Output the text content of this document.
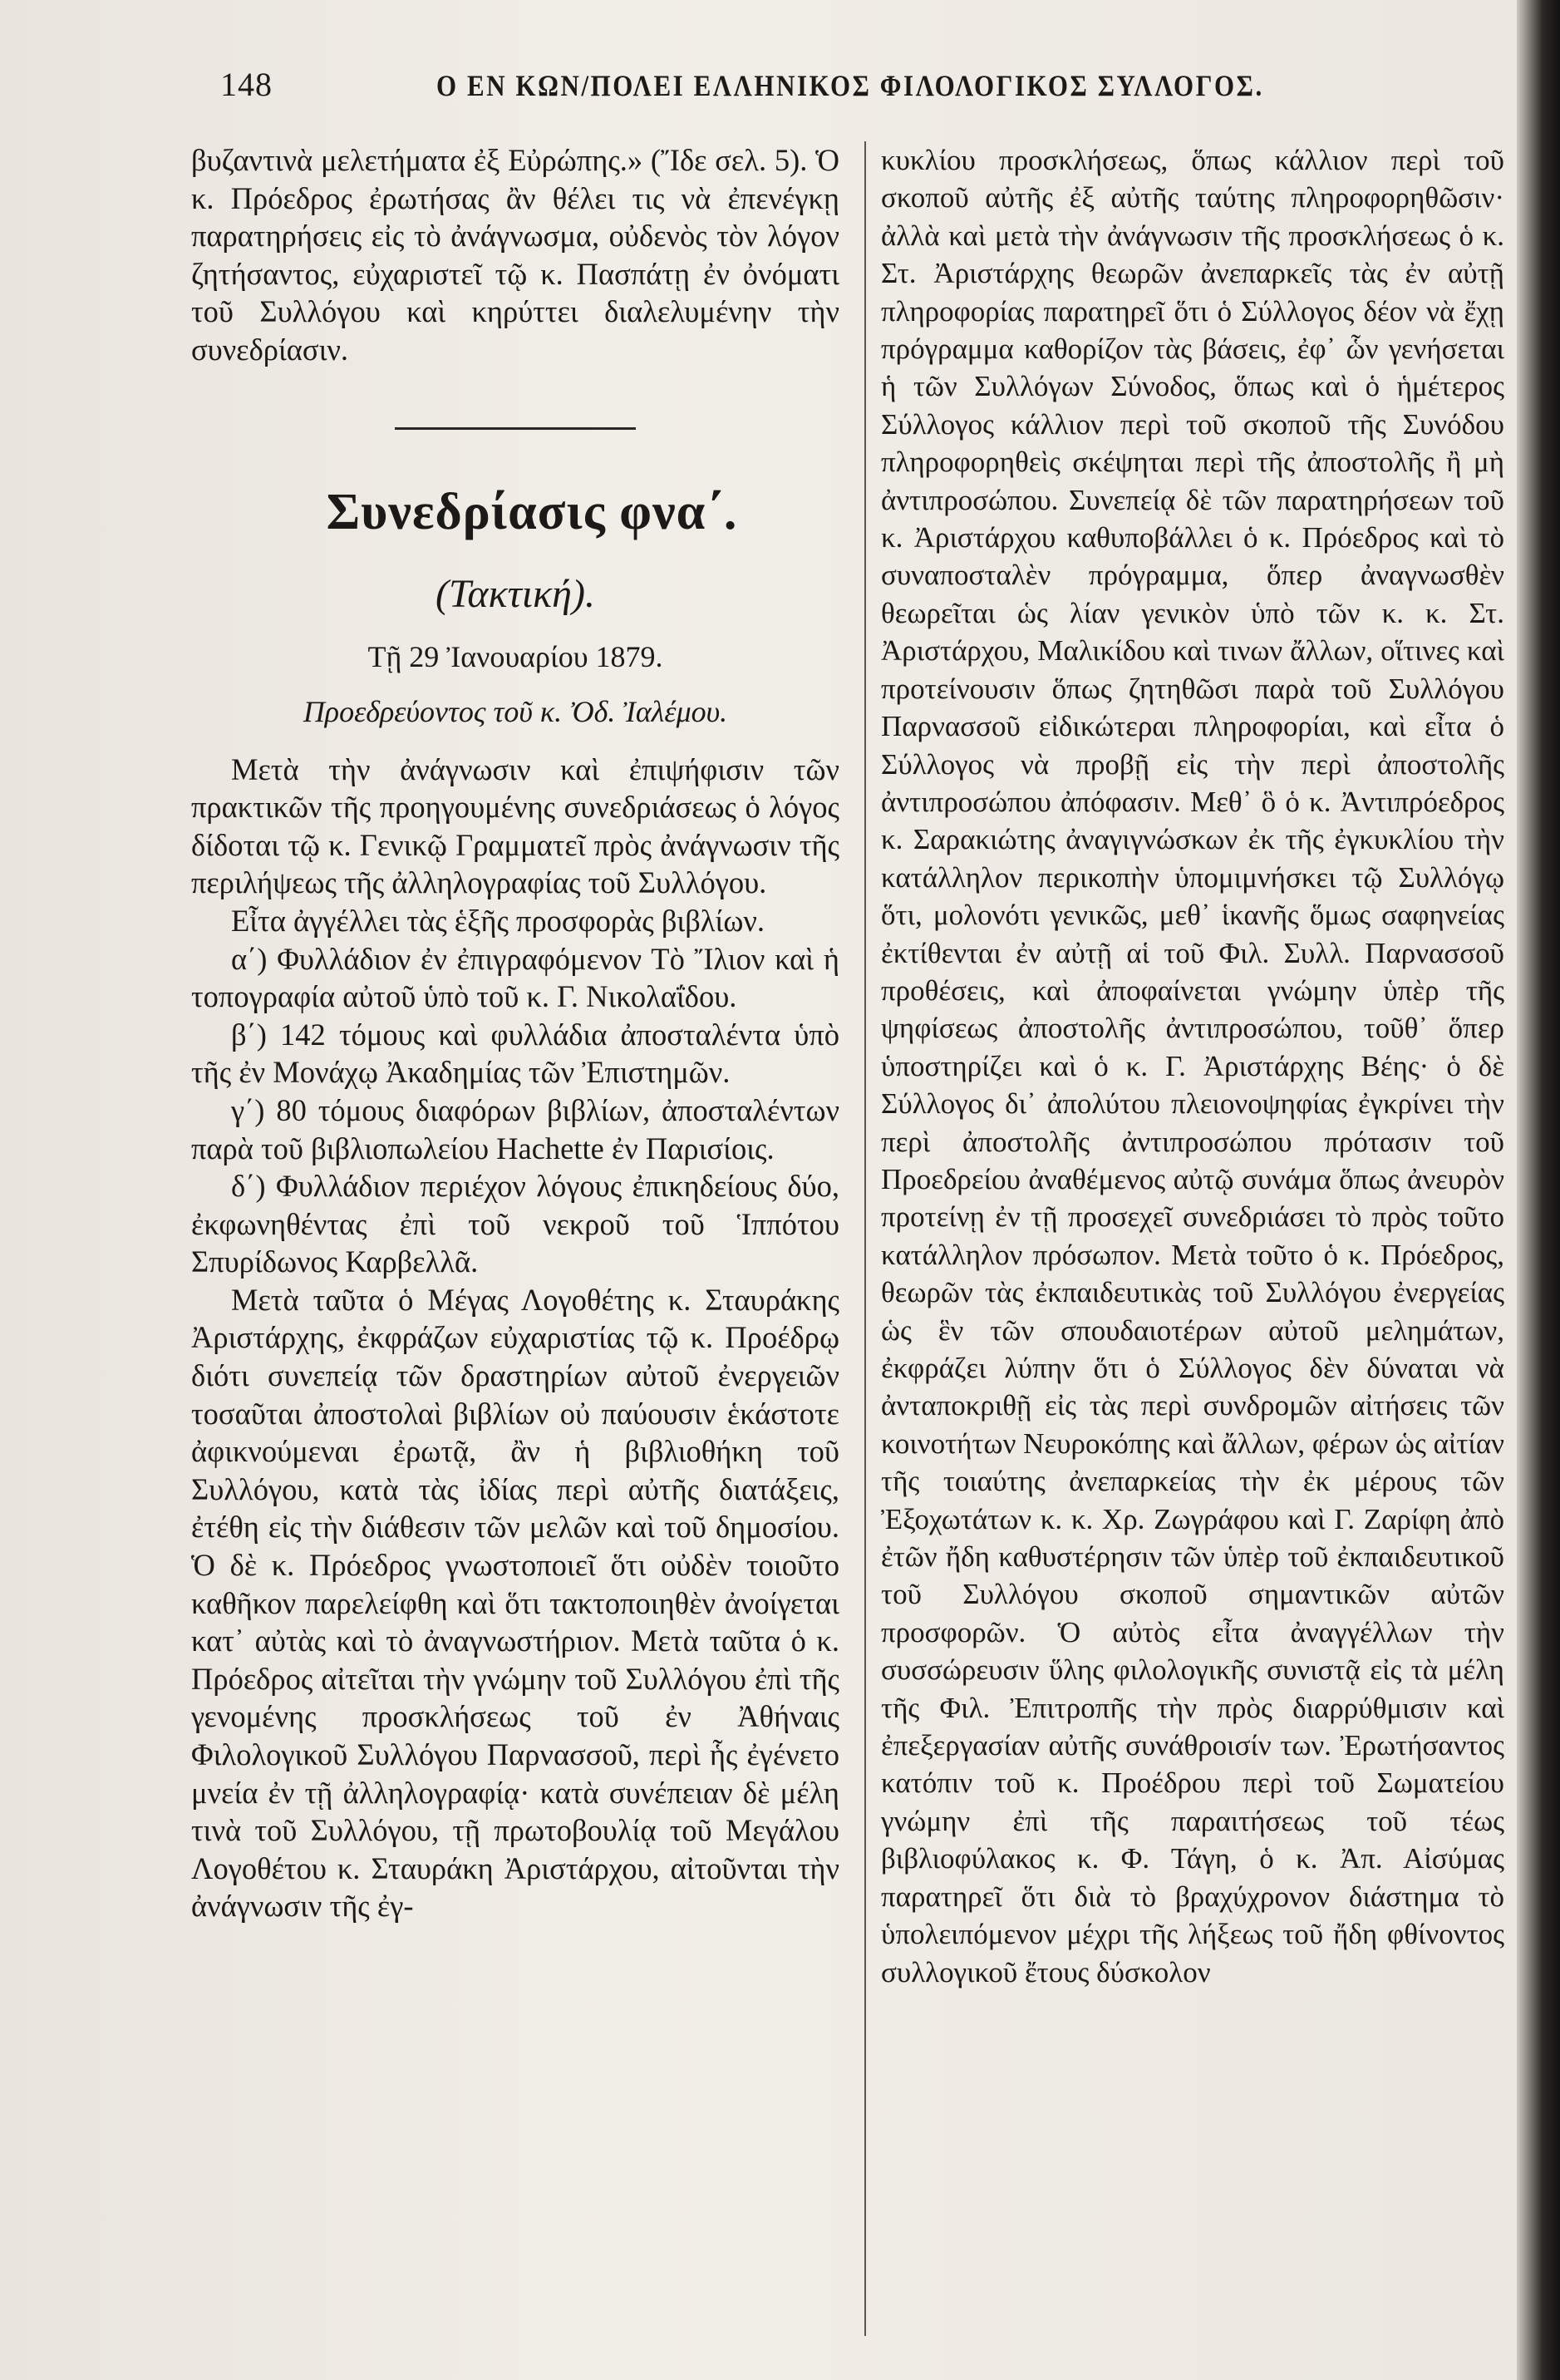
148	Ο ΕΝ ΚΩΝ/ΠΟΛΕΙ ΕΛΛΗΝΙΚΟΣ ΦΙΛΟΛΟΓΙΚΟΣ ΣΥΛΛΟΓΟΣ.

βυζαντινὰ μελετήματα ἐξ Εὐρώπης.» (Ἴδε σελ. 5). Ὁ κ. Πρόεδρος ἐρωτήσας ἂν θέλει τις νὰ ἐπενέγκῃ παρατηρήσεις εἰς τὸ ἀνάγνωσμα, οὐδενὸς τὸν λόγον ζητήσαντος, εὐχαριστεῖ τῷ κ. Πασπάτῃ ἐν ὀνόματι τοῦ Συλλόγου καὶ κηρύττει διαλελυμένην τὴν συνεδρίασιν.

Συνεδρίασις φνα΄.
(Τακτική).
Τῇ 29 Ἰανουαρίου 1879.
Προεδρεύοντος τοῦ κ. Ὀδ. Ἰαλέμου.

Μετὰ τὴν ἀνάγνωσιν καὶ ἐπιψήφισιν τῶν πρακτικῶν τῆς προηγουμένης συνεδριάσεως ὁ λόγος δίδοται τῷ κ. Γενικῷ Γραμματεῖ πρὸς ἀνάγνωσιν τῆς περιλήψεως τῆς ἀλληλογραφίας τοῦ Συλλόγου.

Εἶτα ἀγγέλλει τὰς ἑξῆς προσφορὰς βιβλίων.

α΄) Φυλλάδιον ἐν ἐπιγραφόμενον Τὸ Ἴλιον καὶ ἡ τοπογραφία αὐτοῦ ὑπὸ τοῦ κ. Γ. Νικολαΐδου.

β΄) 142 τόμους καὶ φυλλάδια ἀποσταλέντα ὑπὸ τῆς ἐν Μονάχῳ Ἀκαδημίας τῶν Ἐπιστημῶν.

γ΄) 80 τόμους διαφόρων βιβλίων, ἀποσταλέντων παρὰ τοῦ βιβλιοπωλείου Hachette ἐν Παρισίοις.

δ΄) Φυλλάδιον περιέχον λόγους ἐπικηδείους δύο, ἐκφωνηθέντας ἐπὶ τοῦ νεκροῦ τοῦ Ἱππότου Σπυρίδωνος Καρβελλᾶ.

Μετὰ ταῦτα ὁ Μέγας Λογοθέτης κ. Σταυράκης Ἀριστάρχης, ἐκφράζων εὐχαριστίας τῷ κ. Προέδρῳ διότι συνεπείᾳ τῶν δραστηρίων αὐτοῦ ἐνεργειῶν τοσαῦται ἀποστολαὶ βιβλίων οὐ παύουσιν ἑκάστοτε ἀφικνούμεναι ἐρωτᾷ, ἂν ἡ βιβλιοθήκη τοῦ Συλλόγου, κατὰ τὰς ἰδίας περὶ αὐτῆς διατάξεις, ἐτέθη εἰς τὴν διάθεσιν τῶν μελῶν καὶ τοῦ δημοσίου. Ὁ δὲ κ. Πρόεδρος γνωστοποιεῖ ὅτι οὐδὲν τοιοῦτο καθῆκον παρελείφθη καὶ ὅτι τακτοποιηθὲν ἀνοίγεται κατ᾿ αὐτὰς καὶ τὸ ἀναγνωστήριον. Μετὰ ταῦτα ὁ κ. Πρόεδρος αἰτεῖται τὴν γνώμην τοῦ Συλλόγου ἐπὶ τῆς γενομένης προσκλήσεως τοῦ ἐν Ἀθήναις Φιλολογικοῦ Συλλόγου Παρνασσοῦ, περὶ ἧς ἐγένετο μνεία ἐν τῇ ἀλληλογραφίᾳ· κατὰ συνέπειαν δὲ μέλη τινὰ τοῦ Συλλόγου, τῇ πρωτοβουλίᾳ τοῦ Μεγάλου Λογοθέτου κ. Σταυράκη Ἀριστάρχου, αἰτοῦνται τὴν ἀνάγνωσιν τῆς ἐγ-

κυκλίου προσκλήσεως, ὅπως κάλλιον περὶ τοῦ σκοποῦ αὐτῆς ἐξ αὐτῆς ταύτης πληροφορηθῶσιν· ἀλλὰ καὶ μετὰ τὴν ἀνάγνωσιν τῆς προσκλήσεως ὁ κ. Στ. Ἀριστάρχης θεωρῶν ἀνεπαρκεῖς τὰς ἐν αὐτῇ πληροφορίας παρατηρεῖ ὅτι ὁ Σύλλογος δέον νὰ ἔχῃ πρόγραμμα καθορίζον τὰς βάσεις, ἐφ᾿ ὧν γενήσεται ἡ τῶν Συλλόγων Σύνοδος, ὅπως καὶ ὁ ἡμέτερος Σύλλογος κάλλιον περὶ τοῦ σκοποῦ τῆς Συνόδου πληροφορηθεὶς σκέψηται περὶ τῆς ἀποστολῆς ἢ μὴ ἀντιπροσώπου. Συνεπείᾳ δὲ τῶν παρατηρήσεων τοῦ κ. Ἀριστάρχου καθυποβάλλει ὁ κ. Πρόεδρος καὶ τὸ συναποσταλὲν πρόγραμμα, ὅπερ ἀναγνωσθὲν θεωρεῖται ὡς λίαν γενικὸν ὑπὸ τῶν κ. κ. Στ. Ἀριστάρχου, Μαλικίδου καὶ τινων ἄλλων, οἵτινες καὶ προτείνουσιν ὅπως ζητηθῶσι παρὰ τοῦ Συλλόγου Παρνασσοῦ εἰδικώτεραι πληροφορίαι, καὶ εἶτα ὁ Σύλλογος νὰ προβῇ εἰς τὴν περὶ ἀποστολῆς ἀντιπροσώπου ἀπόφασιν. Μεθ᾿ ὃ ὁ κ. Ἀντιπρόεδρος κ. Σαρακιώτης ἀναγιγνώσκων ἐκ τῆς ἐγκυκλίου τὴν κατάλληλον περικοπὴν ὑπομιμνήσκει τῷ Συλλόγῳ ὅτι, μολονότι γενικῶς, μεθ᾿ ἱκανῆς ὅμως σαφηνείας ἐκτίθενται ἐν αὐτῇ αἱ τοῦ Φιλ. Συλλ. Παρνασσοῦ προθέσεις, καὶ ἀποφαίνεται γνώμην ὑπὲρ τῆς ψηφίσεως ἀποστολῆς ἀντιπροσώπου, τοῦθ᾿ ὅπερ ὑποστηρίζει καὶ ὁ κ. Γ. Ἀριστάρχης Βέης· ὁ δὲ Σύλλογος δι᾿ ἀπολύτου πλειονοψηφίας ἐγκρίνει τὴν περὶ ἀποστολῆς ἀντιπροσώπου πρότασιν τοῦ Προεδρείου ἀναθέμενος αὐτῷ συνάμα ὅπως ἀνευρὸν προτείνῃ ἐν τῇ προσεχεῖ συνεδριάσει τὸ πρὸς τοῦτο κατάλληλον πρόσωπον. Μετὰ τοῦτο ὁ κ. Πρόεδρος, θεωρῶν τὰς ἐκπαιδευτικὰς τοῦ Συλλόγου ἐνεργείας ὡς ἓν τῶν σπουδαιοτέρων αὐτοῦ μελημάτων, ἐκφράζει λύπην ὅτι ὁ Σύλλογος δὲν δύναται νὰ ἀνταποκριθῇ εἰς τὰς περὶ συνδρομῶν αἰτήσεις τῶν κοινοτήτων Νευροκόπης καὶ ἄλλων, φέρων ὡς αἰτίαν τῆς τοιαύτης ἀνεπαρκείας τὴν ἐκ μέρους τῶν Ἐξοχωτάτων κ. κ. Χρ. Ζωγράφου καὶ Γ. Ζαρίφη ἀπὸ ἐτῶν ἤδη καθυστέρησιν τῶν ὑπὲρ τοῦ ἐκπαιδευτικοῦ τοῦ Συλλόγου σκοποῦ σημαντικῶν αὐτῶν προσφορῶν. Ὁ αὐτὸς εἶτα ἀναγγέλλων τὴν συσσώρευσιν ὕλης φιλολογικῆς συνιστᾷ εἰς τὰ μέλη τῆς Φιλ. Ἐπιτροπῆς τὴν πρὸς διαρρύθμισιν καὶ ἐπεξεργασίαν αὐτῆς συνάθροισίν των. Ἐρωτήσαντος κατόπιν τοῦ κ. Προέδρου περὶ τοῦ Σωματείου γνώμην ἐπὶ τῆς παραιτήσεως τοῦ τέως βιβλιοφύλακος κ. Φ. Τάγη, ὁ κ. Ἀπ. Αἰσύμας παρατηρεῖ ὅτι διὰ τὸ βραχύχρονον διάστημα τὸ ὑπολειπόμενον μέχρι τῆς λήξεως τοῦ ἤδη φθίνοντος συλλογικοῦ ἔτους δύσκολον
